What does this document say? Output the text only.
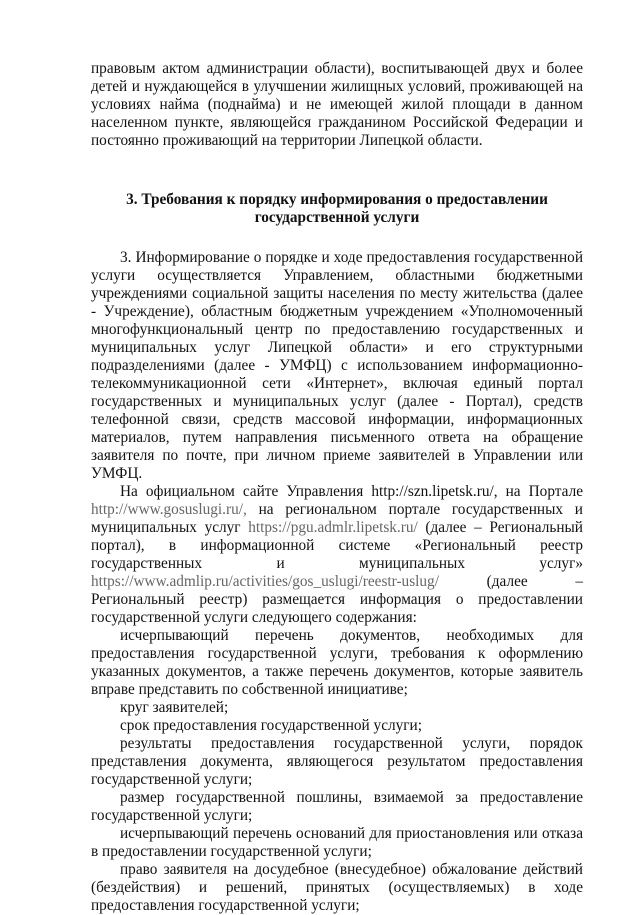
правовым актом администрации области), воспитывающей двух и более детей и нуждающейся в улучшении жилищных условий, проживающей на условиях найма (поднайма) и не имеющей жилой площади в данном населенном пункте, являющейся гражданином Российской Федерации и постоянно проживающий на территории Липецкой области.

3. Требования к порядку информирования о предоставлении государственной услуги

3. Информирование о порядке и ходе предоставления государственной услуги осуществляется Управлением, областными бюджетными учреждениями социальной защиты населения по месту жительства (далее - Учреждение), областным бюджетным учреждением «Уполномоченный многофункциональный центр по предоставлению государственных и муниципальных услуг Липецкой области» и его структурными подразделениями (далее - УМФЦ) с использованием информационно-телекоммуникационной сети «Интернет», включая единый портал государственных и муниципальных услуг (далее - Портал), средств телефонной связи, средств массовой информации, информационных материалов, путем направления письменного ответа на обращение заявителя по почте, при личном приеме заявителей в Управлении или УМФЦ.

На официальном сайте Управления http://szn.lipetsk.ru/, на Портале http://www.gosuslugi.ru/, на региональном портале государственных и муниципальных услуг https://pgu.admlr.lipetsk.ru/ (далее – Региональный портал), в информационной системе «Региональный реестр государственных и муниципальных услуг» https://www.admlip.ru/activities/gos_uslugi/reestr-uslug/ (далее – Региональный реестр) размещается информация о предоставлении государственной услуги следующего содержания:

исчерпывающий перечень документов, необходимых для предоставления государственной услуги, требования к оформлению указанных документов, а также перечень документов, которые заявитель вправе представить по собственной инициативе;

круг заявителей;

срок предоставления государственной услуги;

результаты предоставления государственной услуги, порядок представления документа, являющегося результатом предоставления государственной услуги;

размер государственной пошлины, взимаемой за предоставление государственной услуги;

исчерпывающий перечень оснований для приостановления или отказа в предоставлении государственной услуги;

право заявителя на досудебное (внесудебное) обжалование действий (бездействия) и решений, принятых (осуществляемых) в ходе предоставления государственной услуги;
